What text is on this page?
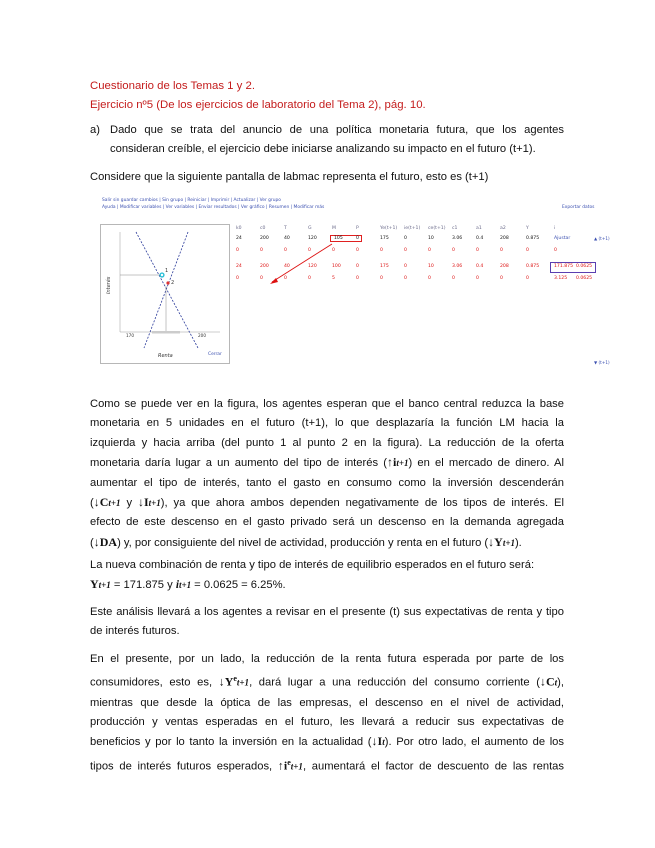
Cuestionario de los Temas 1 y 2.
Ejercicio nº5 (De los ejercicios de laboratorio del Tema 2), pág. 10.
a) Dado que se trata del anuncio de una política monetaria futura, que los agentes
consideran creíble, el ejercicio debe iniciarse analizando su impacto en el futuro (t+1).
Considere que la siguiente pantalla de labmac representa el futuro, esto es (t+1)
Salir sin guardar cambios | Sin grupo | Reiniciar | Imprimir | Actualizar | Ver grupo
Ayuda | Modificar variables | Ver variables | Enviar resultados | Ver gráfico | Resumen | Modificar más	Exportar datos
1
2
170	200
Interés
Renta	Cerrar
k0	c0	T	G	M	P	Ye(t+1)	ie(t+1)	ce(t+1)	c1	a1	a2	Y	i
24	200	40	120	105	0	175	0	10	3.06	0.4	208	0.875	Ajustar
0	0	0	0	0	0	0	0	0	0	0	0	0	0
24	200	40	120	100	0	175	0	10	3.06	0.4	208	0.875	171.875 0.0625
0	0	0	0	5	0	0	0	0	0	0	0	0	3.125	0.0625
▲ (t+1)
▼ (t+1)
Como se puede ver en la figura, los agentes esperan que el banco central reduzca la base
monetaria en 5 unidades en el futuro (t+1), lo que desplazaría la función LM hacia la
izquierda y hacia arriba (del punto 1 al punto 2 en la figura). La reducción de la oferta
monetaria daría lugar a un aumento del tipo de interés (↑it+1) en el mercado de dinero. Al
aumentar el tipo de interés, tanto el gasto en consumo como la inversión descenderán
(↓Ct+1 y ↓It+1), ya que ahora ambos dependen negativamente de los tipos de interés. El
efecto de este descenso en el gasto privado será un descenso en la demanda agregada
(↓DA) y, por consiguiente del nivel de actividad, producción y renta en el futuro (↓Yt+1).
La nueva combinación de renta y tipo de interés de equilibrio esperados en el futuro será:
Yt+1 = 171.875 y it+1 = 0.0625 = 6.25%.
Este análisis llevará a los agentes a revisar en el presente (t) sus expectativas de renta y tipo
de interés futuros.
En el presente, por un lado, la reducción de la renta futura esperada por parte de los
consumidores, esto es, $↓Y^et+1$, dará lugar a una reducción del consumo corriente (↓Ct),
mientras que desde la óptica de las empresas, el descenso en el nivel de actividad,
producción y ventas esperadas en el futuro, les llevará a reducir sus expectativas de
beneficios y por lo tanto la inversión en la actualidad (↓It). Por otro lado, el aumento de los
tipos de interés futuros esperados, $↑i^et+1$, aumentará el factor de descuento de las rentas
